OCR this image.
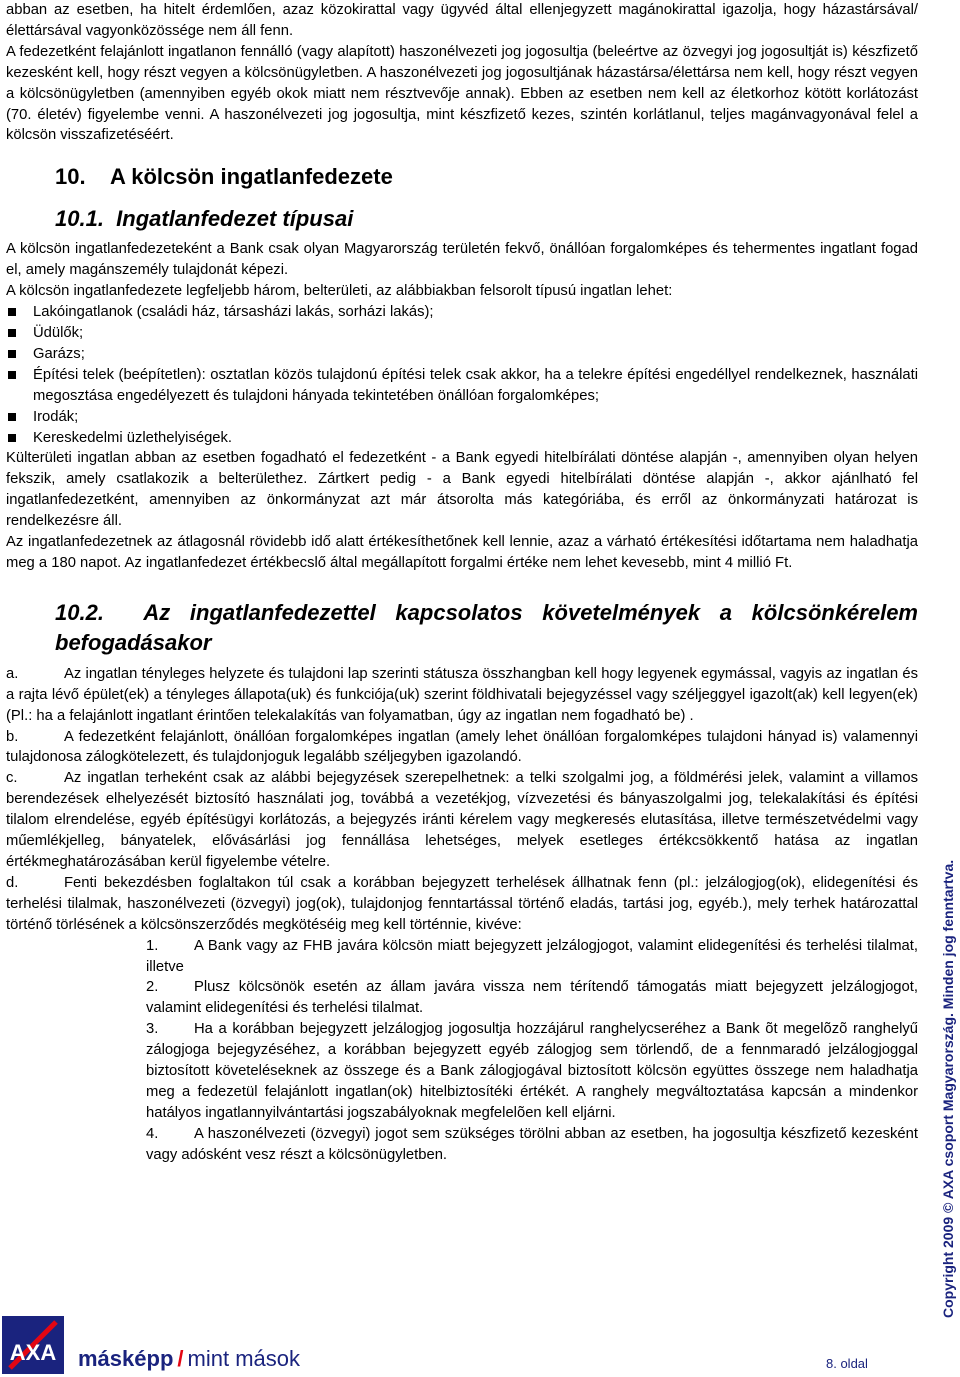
abban az esetben, ha hitelt érdemlően, azaz közokirattal vagy ügyvéd által ellenjegyzett magánokirattal igazolja, hogy házastársával/élettársával vagyonközössége nem áll fenn.

A fedezetként felajánlott ingatlanon fennálló (vagy alapított) haszonélvezeti jog jogosultja (beleértve az özvegyi jog jogosultját is) készfizető kezesként kell, hogy részt vegyen a kölcsönügyletben. A haszonélvezeti jog jogosultjának házastársa/élettársa nem kell, hogy részt vegyen a kölcsönügyletben (amennyiben egyéb okok miatt nem résztvevője annak). Ebben az esetben nem kell az életkorhoz kötött korlátozást (70. életév) figyelembe venni. A haszonélvezeti jog jogosultja, mint készfizető kezes, szintén korlátlanul, teljes magánvagyonával felel a kölcsön visszafizetéséért.

10.    A kölcsön ingatlanfedezete
10.1.  Ingatlanfedezet típusai

A kölcsön ingatlanfedezeteként a Bank csak olyan Magyarország területén fekvő, önállóan forgalomképes és tehermentes ingatlant fogad el, amely magánszemély tulajdonát képezi.

A kölcsön ingatlanfedezete legfeljebb három, belterületi, az alábbiakban felsorolt típusú ingatlan lehet:

Lakóingatlanok (családi ház, társasházi lakás, sorházi lakás);
Üdülők;
Garázs;
Építési telek (beépítetlen): osztatlan közös tulajdonú építési telek csak akkor, ha a telekre építési engedéllyel rendelkeznek, használati megosztása engedélyezett és tulajdoni hányada tekintetében önállóan forgalomképes;
Irodák;
Kereskedelmi üzlethelyiségek.

Külterületi ingatlan abban az esetben fogadható el fedezetként - a Bank egyedi hitelbírálati döntése alapján -, amennyiben olyan helyen fekszik, amely csatlakozik a belterülethez. Zártkert pedig - a Bank egyedi hitelbírálati döntése alapján -, akkor ajánlható fel ingatlanfedezetként, amennyiben az önkormányzat azt már átsorolta más kategóriába, és erről az önkormányzati határozat is rendelkezésre áll.

Az ingatlanfedezetnek az átlagosnál rövidebb idő alatt értékesíthetőnek kell lennie, azaz a várható értékesítési időtartama nem haladhatja meg a 180 napot. Az ingatlanfedezet értékbecslő által megállapított forgalmi értéke nem lehet kevesebb, mint 4 millió Ft.

10.2.  Az ingatlanfedezettel kapcsolatos követelmények a kölcsönkérelem befogadásakor

a.	Az ingatlan tényleges helyzete és tulajdoni lap szerinti státusza összhangban kell hogy legyenek egymással, vagyis az ingatlan és a rajta lévő épület(ek) a tényleges állapota(uk) és funkciója(uk) szerint földhivatali bejegyzéssel vagy széljeggyel igazolt(ak) kell legyen(ek) (Pl.: ha a felajánlott ingatlant érintően telekalakítás van folyamatban, úgy az ingatlan nem fogadható be) .

b.	A fedezetként felajánlott, önállóan forgalomképes ingatlan (amely lehet önállóan forgalomképes tulajdoni hányad is) valamennyi tulajdonosa zálogkötelezett, és tulajdonjoguk legalább széljegyben igazolandó.

c.	Az ingatlan terheként csak az alábbi bejegyzések szerepelhetnek: a telki szolgalmi jog, a földmérési jelek, valamint a villamos berendezések elhelyezését biztosító használati jog, továbbá a vezetékjog, vízvezetési és bányaszolgalmi jog, telekalakítási és építési tilalom elrendelése, egyéb építésügyi korlátozás, a bejegyzés iránti kérelem vagy megkeresés elutasítása, illetve természetvédelmi vagy műemlékjelleg, bányatelek, elővásárlási jog fennállása lehetséges, melyek esetleges értékcsökkentő hatása az ingatlan értékmeghatározásában kerül figyelembe vételre.

d.	Fenti bekezdésben foglaltakon túl csak a korábban bejegyzett terhelések állhatnak fenn (pl.: jelzálogjog(ok), elidegenítési és terhelési tilalmak, haszonélvezeti (özvegyi) jog(ok), tulajdonjog fenntartással történő eladás, tartási jog, egyéb.), mely terhek határozattal történő törlésének a kölcsönszerződés megkötéséig meg kell történnie, kivéve:

1. A Bank vagy az FHB javára kölcsön miatt bejegyzett jelzálogjogot, valamint elidegenítési és terhelési tilalmat, illetve
2. Plusz kölcsönök esetén az állam javára vissza nem térítendő támogatás miatt bejegyzett jelzálogjogot, valamint elidegenítési és terhelési tilalmat.
3. Ha a korábban bejegyzett jelzálogjog jogosultja hozzájárul ranghelycseréhez a Bank õt megelõzõ ranghelyű zálogjoga bejegyzéséhez, a korábban bejegyzett egyéb zálogjog sem törlendő, de a fennmaradó jelzálogjoggal biztosított követeléseknek az összege és a Bank zálogjogával biztosított kölcsön együttes összege nem haladhatja meg a fedezetül felajánlott ingatlan(ok) hitelbiztosítéki értékét. A ranghely megváltoztatása kapcsán a mindenkor hatályos ingatlannyilvántartási jogszabályoknak megfelelõen kell eljárni.
4. A haszonélvezeti (özvegyi) jogot sem szükséges törölni abban az esetben, ha jogosultja készfizető kezesként vagy adósként vesz részt a kölcsönügyletben.
AXA másképp / mint mások	8. oldal
Copyright 2009 © AXA csoport Magyarország. Minden jog fenntartva.
